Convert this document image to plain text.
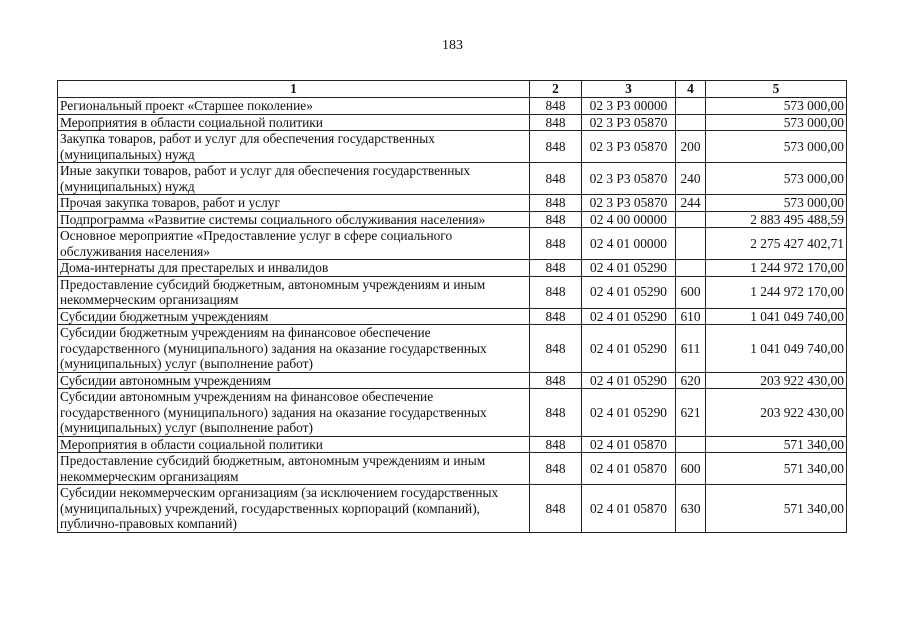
183
1	2	3	4	5
Региональный проект «Старшее поколение»	848	02 3 Р3 00000		573 000,00
Мероприятия в области социальной политики	848	02 3 Р3 05870		573 000,00
Закупка товаров, работ и услуг для обеспечения государственных (муниципальных) нужд	848	02 3 Р3 05870	200	573 000,00
Иные закупки товаров, работ и услуг для обеспечения государственных (муниципальных) нужд	848	02 3 Р3 05870	240	573 000,00
Прочая закупка товаров, работ и услуг	848	02 3 Р3 05870	244	573 000,00
Подпрограмма «Развитие системы социального обслуживания населения»	848	02 4 00 00000		2 883 495 488,59
Основное мероприятие «Предоставление услуг в сфере социального обслуживания населения»	848	02 4 01 00000		2 275 427 402,71
Дома-интернаты для престарелых и инвалидов	848	02 4 01 05290		1 244 972 170,00
Предоставление субсидий бюджетным, автономным учреждениям и иным некоммерческим организациям	848	02 4 01 05290	600	1 244 972 170,00
Субсидии бюджетным учреждениям	848	02 4 01 05290	610	1 041 049 740,00
Субсидии бюджетным учреждениям на финансовое обеспечение государственного (муниципального) задания на оказание государственных (муниципальных) услуг (выполнение работ)	848	02 4 01 05290	611	1 041 049 740,00
Субсидии автономным учреждениям	848	02 4 01 05290	620	203 922 430,00
Субсидии автономным учреждениям на финансовое обеспечение государственного (муниципального) задания на оказание государственных (муниципальных) услуг (выполнение работ)	848	02 4 01 05290	621	203 922 430,00
Мероприятия в области социальной политики	848	02 4 01 05870		571 340,00
Предоставление субсидий бюджетным, автономным учреждениям и иным некоммерческим организациям	848	02 4 01 05870	600	571 340,00
Субсидии некоммерческим организациям (за исключением государственных (муниципальных) учреждений, государственных корпораций (компаний), публично-правовых компаний)	848	02 4 01 05870	630	571 340,00
